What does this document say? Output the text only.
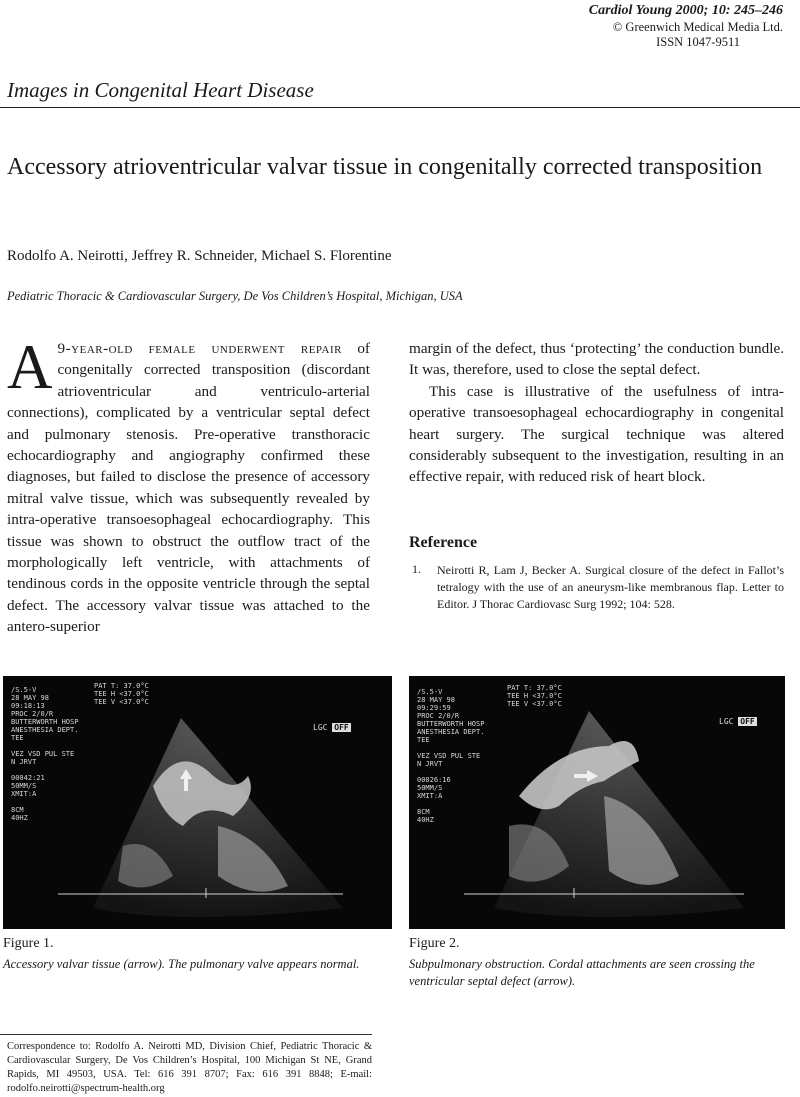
Cardiol Young 2000; 10: 245–246
© Greenwich Medical Media Ltd.
ISSN 1047-9511
Images in Congenital Heart Disease
Accessory atrioventricular valvar tissue in congenitally corrected transposition
Rodolfo A. Neirotti, Jeffrey R. Schneider, Michael S. Florentine
Pediatric Thoracic & Cardiovascular Surgery, De Vos Children’s Hospital, Michigan, USA
A 9-year-old female underwent repair of congenitally corrected transposition (discordant atrioventricular and ventriculo-arterial connections), complicated by a ventricular septal defect and pulmonary stenosis. Pre-operative transthoracic echocardiography and angiography confirmed these diagnoses, but failed to disclose the presence of accessory mitral valve tissue, which was subsequently revealed by intra-operative transoesophageal echocardiography. This tissue was shown to obstruct the outflow tract of the morphologically left ventricle, with attachments of tendinous cords in the opposite ventricle through the septal defect. The accessory valvar tissue was attached to the antero-superior
margin of the defect, thus ‘protecting’ the conduction bundle. It was, therefore, used to close the septal defect.
This case is illustrative of the usefulness of intra-operative transoesophageal echocardiography in congenital heart surgery. The surgical technique was altered considerably subsequent to the investigation, resulting in an effective repair, with reduced risk of heart block.
Reference
1. Neirotti R, Lam J, Becker A. Surgical closure of the defect in Fallot’s tetralogy with the use of an aneurysm-like membranous flap. Letter to Editor. J Thorac Cardiovasc Surg 1992; 104: 528.
PAT T: 37.0°C
TEE H <37.0°C
TEE V <37.0°C
/S.5-V
28 MAY 98
09:18:13
PROC 2/0/R
BUTTERWORTH HOSP
ANESTHESIA DEPT.
TEE

VEZ VSD PUL STE
N JRVT

00042:21
50MM/S
XMIT:A

8CM
40HZ
LGC OFF
Figure 1.
Accessory valvar tissue (arrow). The pulmonary valve appears normal.
PAT T: 37.0°C
TEE H <37.0°C
TEE V <37.0°C
/S.5-V
28 MAY 98
09:29:59
PROC 2/0/R
BUTTERWORTH HOSP
ANESTHESIA DEPT.
TEE

VEZ VSD PUL STE
N JRVT

00026:16
50MM/S
XMIT:A

8CM
40HZ
LGC OFF
Figure 2.
Subpulmonary obstruction. Cordal attachments are seen crossing the ventricular septal defect (arrow).
Correspondence to: Rodolfo A. Neirotti MD, Division Chief, Pediatric Thoracic & Cardiovascular Surgery, De Vos Children’s Hospital, 100 Michigan St NE, Grand Rapids, MI 49503, USA. Tel: 616 391 8707; Fax: 616 391 8848; E-mail: rodolfo.neirotti@spectrum-health.org
